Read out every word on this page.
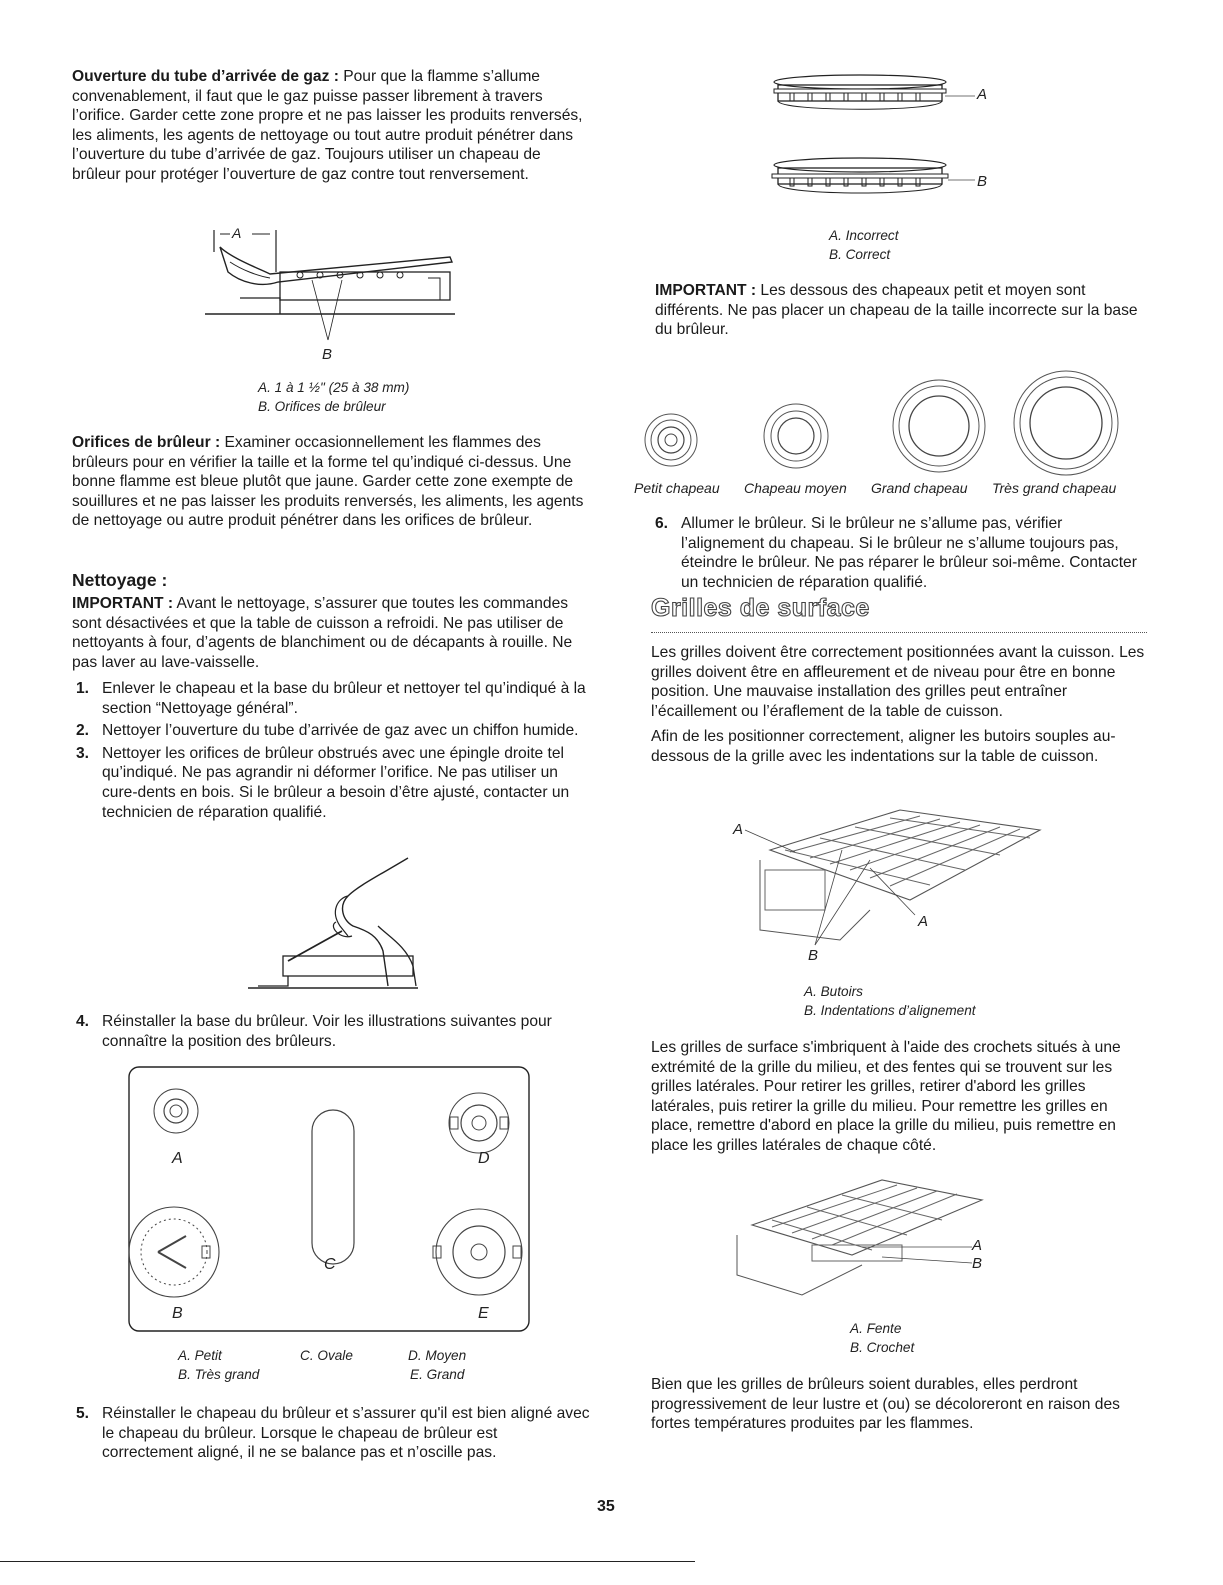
Ouverture du tube d’arrivée de gaz : Pour que la flamme s’allume convenablement, il faut que le gaz puisse passer librement à travers l’orifice. Garder cette zone propre et ne pas laisser les produits renversés, les aliments, les agents de nettoyage ou tout autre produit pénétrer dans l’ouverture du tube d’arrivée de gaz. Toujours utiliser un chapeau de brûleur pour protéger l’ouverture de gaz contre tout renversement.
A
B
A. 1 à 1 ½" (25 à 38 mm)
B. Orifices de brûleur
Orifices de brûleur : Examiner occasionnellement les flammes des brûleurs pour en vérifier la taille et la forme tel qu’indiqué ci-dessus. Une bonne flamme est bleue plutôt que jaune. Garder cette zone exempte de souillures et ne pas laisser les produits renversés, les aliments, les agents de nettoyage ou autre produit pénétrer dans les orifices de brûleur.
Nettoyage :
IMPORTANT : Avant le nettoyage, s’assurer que toutes les commandes sont désactivées et que la table de cuisson a refroidi. Ne pas utiliser de nettoyants à four, d’agents de blanchiment ou de décapants à rouille. Ne pas laver au lave-vaisselle.
1. Enlever le chapeau et la base du brûleur et nettoyer tel qu’indiqué à la section “Nettoyage général”.
2. Nettoyer l’ouverture du tube d’arrivée de gaz avec un chiffon humide.
3. Nettoyer les orifices de brûleur obstrués avec une épingle droite tel qu’indiqué. Ne pas agrandir ni déformer l’orifice. Ne pas utiliser un cure-dents en bois. Si le brûleur a besoin d’être ajusté, contacter un technicien de réparation qualifié.
4. Réinstaller la base du brûleur. Voir les illustrations suivantes pour connaître la position des brûleurs.
A	D
C
B	E
A. Petit	C. Ovale	D. Moyen
B. Très grand	E. Grand
5. Réinstaller le chapeau du brûleur et s’assurer qu'il est bien aligné avec le chapeau du brûleur. Lorsque le chapeau de brûleur est correctement aligné, il ne se balance pas et n’oscille pas.
A
B
A. Incorrect
B. Correct
IMPORTANT : Les dessous des chapeaux petit et moyen sont différents. Ne pas placer un chapeau de la taille incorrecte sur la base du brûleur.
Petit chapeau Chapeau moyen Grand chapeau Très grand chapeau
6. Allumer le brûleur. Si le brûleur ne s’allume pas, vérifier l’alignement du chapeau. Si le brûleur ne s’allume toujours pas, éteindre le brûleur. Ne pas réparer le brûleur soi-même. Contacter un technicien de réparation qualifié.
Grilles de surface
Les grilles doivent être correctement positionnées avant la cuisson. Les grilles doivent être en affleurement et de niveau pour être en bonne position. Une mauvaise installation des grilles peut entraîner l’écaillement ou l’éraflement de la table de cuisson.
Afin de les positionner correctement, aligner les butoirs souples au-dessous de la grille avec les indentations sur la table de cuisson.
A
A
B
A. Butoirs
B. Indentations d’alignement
Les grilles de surface s'imbriquent à l'aide des crochets situés à une extrémité de la grille du milieu, et des fentes qui se trouvent sur les grilles latérales. Pour retirer les grilles, retirer d'abord les grilles latérales, puis retirer la grille du milieu. Pour remettre les grilles en place, remettre d'abord en place la grille du milieu, puis remettre en place les grilles latérales de chaque côté.
A
B
A. Fente
B. Crochet
Bien que les grilles de brûleurs soient durables, elles perdront progressivement de leur lustre et (ou) se décoloreront en raison des fortes températures produites par les flammes.
35
